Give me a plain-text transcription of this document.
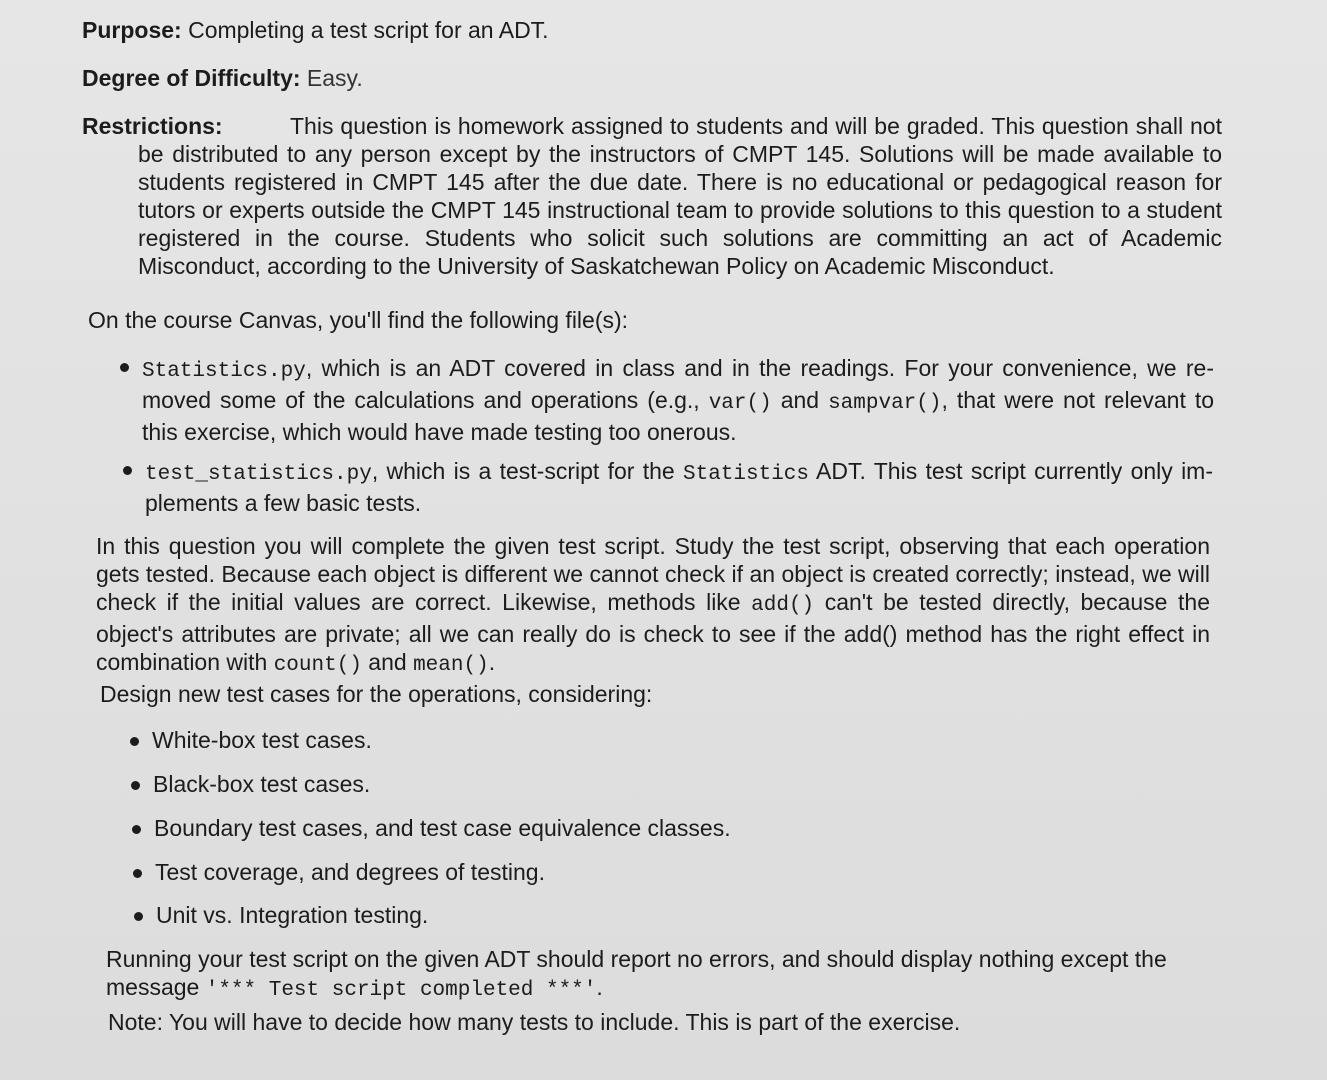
Purpose: Completing a test script for an ADT.

Degree of Difficulty: Easy.

Restrictions:	This question is homework assigned to students and will be graded. This question shall not be distributed to any person except by the instructors of CMPT 145. Solutions will be made available to students registered in CMPT 145 after the due date. There is no educational or pedagogical reason for tutors or experts outside the CMPT 145 instructional team to provide solutions to this question to a student registered in the course. Students who solicit such solutions are committing an act of Academic Misconduct, according to the University of Saskatchewan Policy on Academic Misconduct.

On the course Canvas, you'll find the following file(s):

Statistics.py, which is an ADT covered in class and in the readings. For your convenience, we re-moved some of the calculations and operations (e.g., var() and sampvar(), that were not relevant to this exercise, which would have made testing too onerous.
test_statistics.py, which is a test-script for the Statistics ADT. This test script currently only im-plements a few basic tests.
In this question you will complete the given test script. Study the test script, observing that each operation gets tested. Because each object is different we cannot check if an object is created correctly; instead, we will check if the initial values are correct. Likewise, methods like add() can't be tested directly, because the object's attributes are private; all we can really do is check to see if the add() method has the right effect in combination with count() and mean().

Design new test cases for the operations, considering:

White-box test cases.

Black-box test cases.

Boundary test cases, and test case equivalence classes.

Test coverage, and degrees of testing.

Unit vs. Integration testing.

Running your test script on the given ADT should report no errors, and should display nothing except the message '*** Test script completed ***'.

Note: You will have to decide how many tests to include. This is part of the exercise.
